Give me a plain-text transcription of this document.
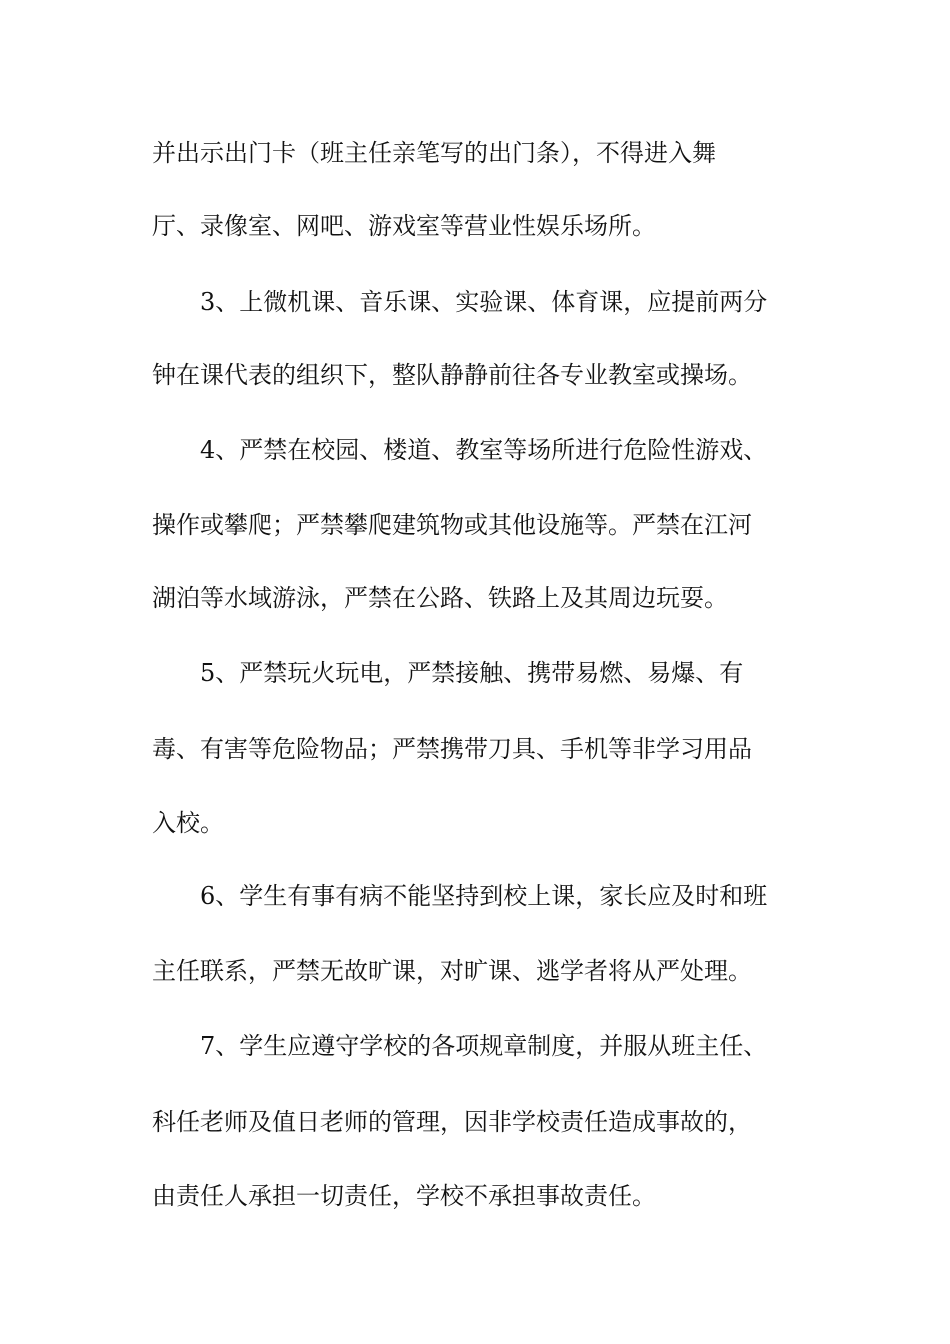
并出示出门卡（班主任亲笔写的出门条），不得进入舞
厅、录像室、网吧、游戏室等营业性娱乐场所。
3、上微机课、音乐课、实验课、体育课，应提前两分
钟在课代表的组织下，整队静静前往各专业教室或操场。
4、严禁在校园、楼道、教室等场所进行危险性游戏、
操作或攀爬；严禁攀爬建筑物或其他设施等。严禁在江河
湖泊等水域游泳，严禁在公路、铁路上及其周边玩耍。
5、严禁玩火玩电，严禁接触、携带易燃、易爆、有
毒、有害等危险物品；严禁携带刀具、手机等非学习用品
入校。
6、学生有事有病不能坚持到校上课，家长应及时和班
主任联系，严禁无故旷课，对旷课、逃学者将从严处理。
7、学生应遵守学校的各项规章制度，并服从班主任、
科任老师及值日老师的管理，因非学校责任造成事故的，
由责任人承担一切责任，学校不承担事故责任。
